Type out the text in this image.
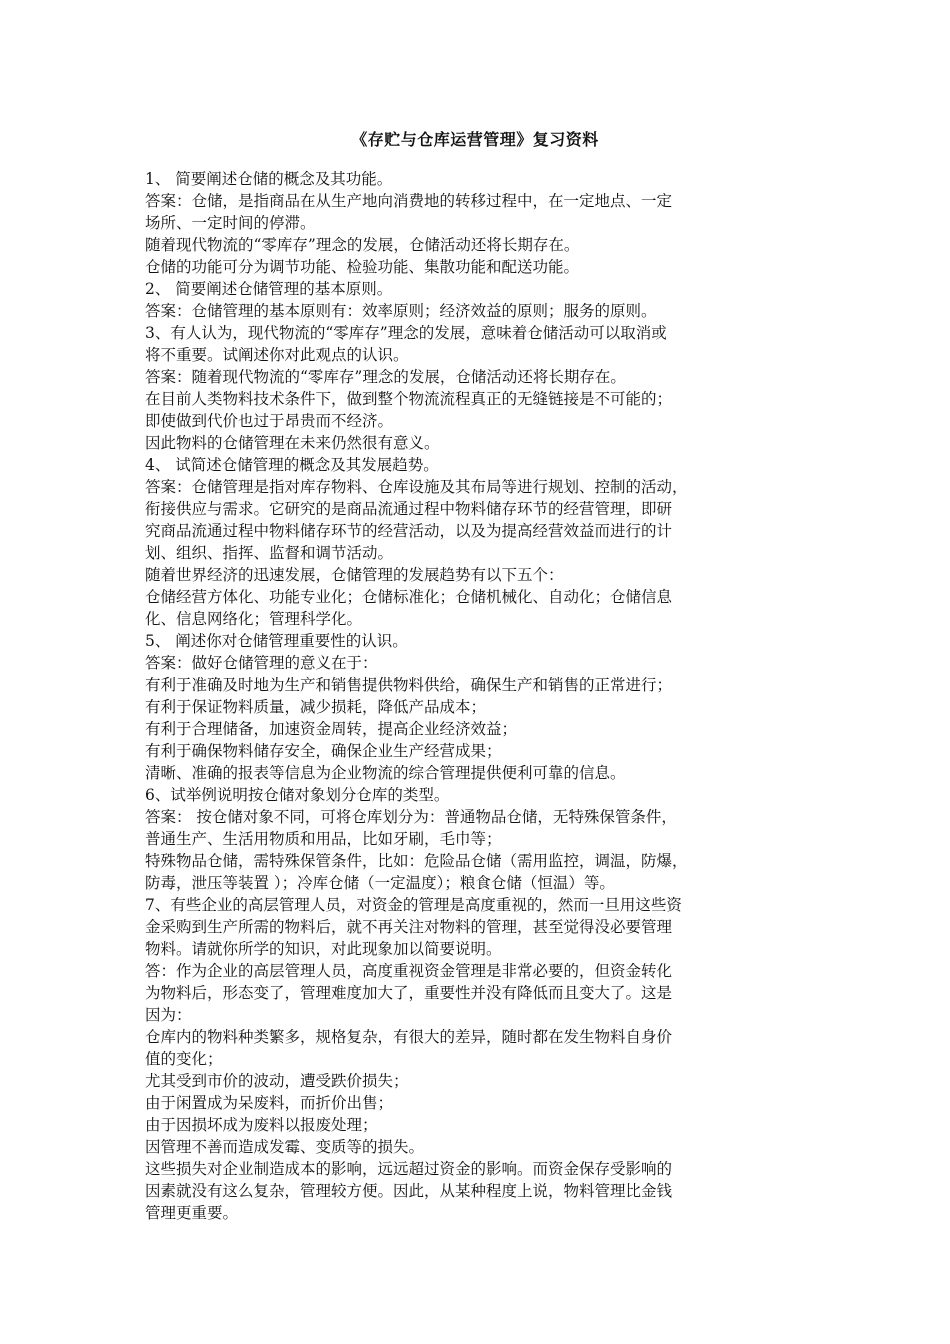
《存贮与仓库运营管理》复习资料
1、 简要阐述仓储的概念及其功能。
答案：仓储，是指商品在从生产地向消费地的转移过程中，在一定地点、一定
场所、一定时间的停滞。
随着现代物流的“零库存”理念的发展，仓储活动还将长期存在。
仓储的功能可分为调节功能、检验功能、集散功能和配送功能。
2、 简要阐述仓储管理的基本原则。
答案：仓储管理的基本原则有：效率原则；经济效益的原则；服务的原则。
3、有人认为，现代物流的“零库存”理念的发展，意味着仓储活动可以取消或
将不重要。试阐述你对此观点的认识。
答案：随着现代物流的“零库存”理念的发展，仓储活动还将长期存在。
在目前人类物料技术条件下，做到整个物流流程真正的无缝链接是不可能的；
即使做到代价也过于昂贵而不经济。
因此物料的仓储管理在未来仍然很有意义。
4、 试简述仓储管理的概念及其发展趋势。
答案：仓储管理是指对库存物料、仓库设施及其布局等进行规划、控制的活动，
衔接供应与需求。它研究的是商品流通过程中物料储存环节的经营管理，即研
究商品流通过程中物料储存环节的经营活动，以及为提高经营效益而进行的计
划、组织、指挥、监督和调节活动。
随着世界经济的迅速发展，仓储管理的发展趋势有以下五个：
仓储经营方体化、功能专业化；仓储标准化；仓储机械化、自动化；仓储信息
化、信息网络化；管理科学化。
5、 阐述你对仓储管理重要性的认识。
答案：做好仓储管理的意义在于：
有利于准确及时地为生产和销售提供物料供给，确保生产和销售的正常进行；
有利于保证物料质量，减少损耗，降低产品成本；
有利于合理储备，加速资金周转，提高企业经济效益；
有利于确保物料储存安全，确保企业生产经营成果；
清晰、准确的报表等信息为企业物流的综合管理提供便利可靠的信息。
6、试举例说明按仓储对象划分仓库的类型。
答案： 按仓储对象不同，可将仓库划分为：普通物品仓储，无特殊保管条件，
普通生产、生活用物质和用品，比如牙刷，毛巾等；
特殊物品仓储，需特殊保管条件，比如：危险品仓储（需用监控，调温，防爆，
防毒，泄压等装置 ）；冷库仓储（一定温度）；粮食仓储（恒温）等。
7、有些企业的高层管理人员，对资金的管理是高度重视的，然而一旦用这些资
金采购到生产所需的物料后，就不再关注对物料的管理，甚至觉得没必要管理
物料。请就你所学的知识，对此现象加以简要说明。
答：作为企业的高层管理人员，高度重视资金管理是非常必要的，但资金转化
为物料后，形态变了，管理难度加大了，重要性并没有降低而且变大了。这是
因为：
仓库内的物料种类繁多，规格复杂，有很大的差异，随时都在发生物料自身价
值的变化；
尤其受到市价的波动，遭受跌价损失；
由于闲置成为呆废料，而折价出售；
由于因损坏成为废料以报废处理；
因管理不善而造成发霉、变质等的损失。
这些损失对企业制造成本的影响，远远超过资金的影响。而资金保存受影响的
因素就没有这么复杂，管理较方便。因此，从某种程度上说，物料管理比金钱
管理更重要。
